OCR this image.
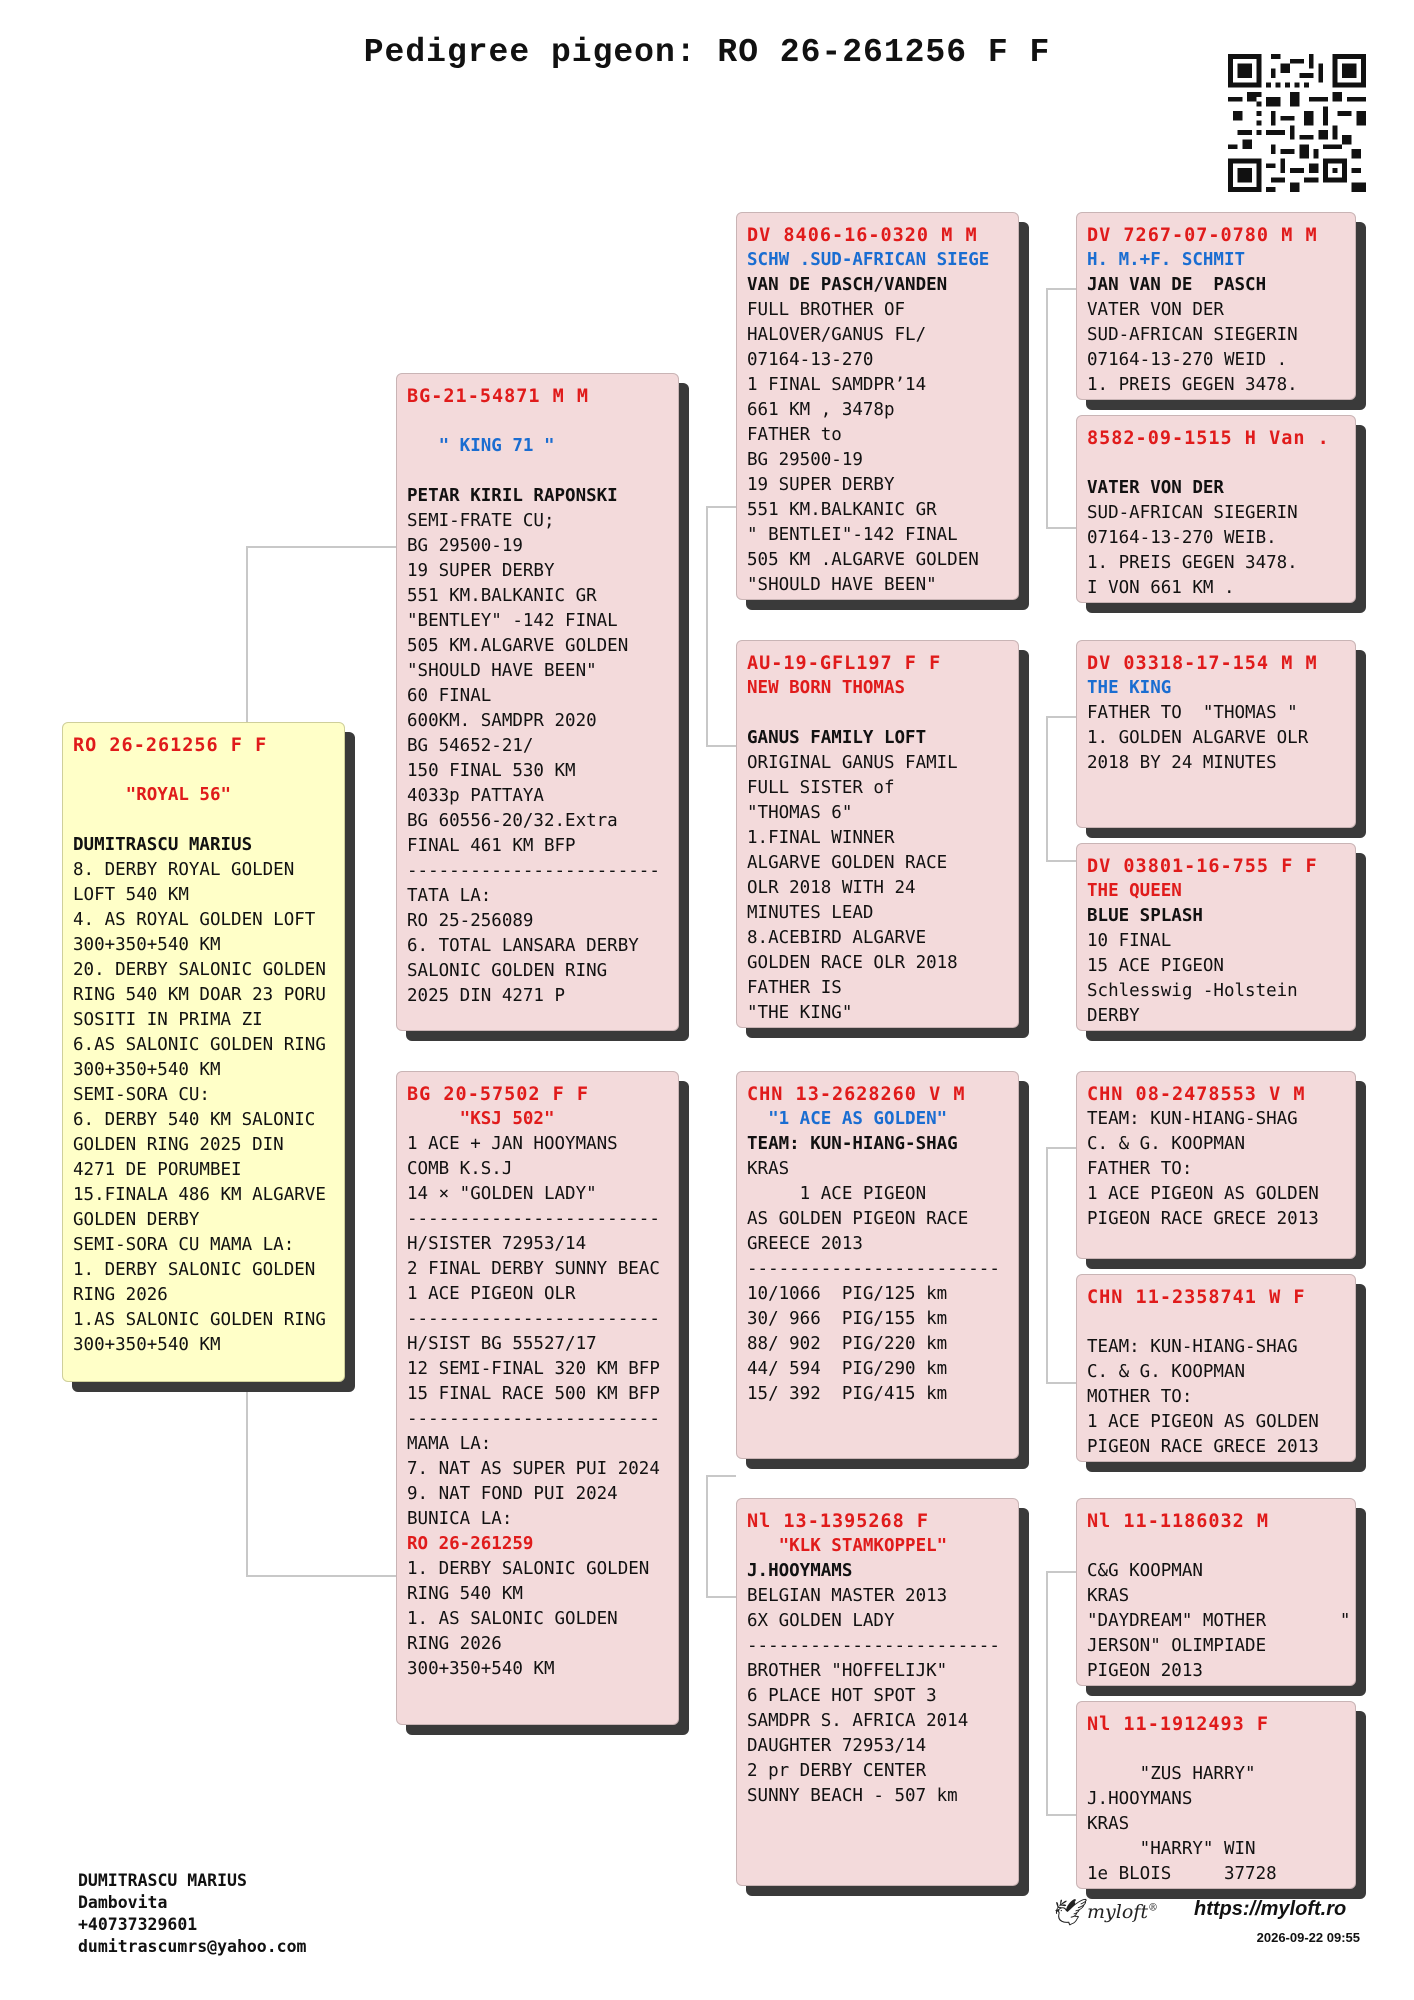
Pedigree pigeon: RO 26-261256 F F
RO 26-261256 F F
"ROYAL 56"
DUMITRASCU MARIUS
8. DERBY ROYAL GOLDEN
LOFT 540 KM
4. AS ROYAL GOLDEN LOFT
300+350+540 KM
20. DERBY SALONIC GOLDEN
RING 540 KM DOAR 23 PORU
SOSITI IN PRIMA ZI
6.AS SALONIC GOLDEN RING
300+350+540 KM
SEMI-SORA CU:
6. DERBY 540 KM SALONIC
GOLDEN RING 2025 DIN
4271 DE PORUMBEI
15.FINALA 486 KM ALGARVE
GOLDEN DERBY
SEMI-SORA CU MAMA LA:
1. DERBY SALONIC GOLDEN
RING 2026
1.AS SALONIC GOLDEN RING
300+350+540 KM
BG-21-54871 M M
" KING 71 "
PETAR KIRIL RAPONSKI
SEMI-FRATE CU;
BG 29500-19
19 SUPER DERBY
551 KM.BALKANIC GR
"BENTLEY" -142 FINAL
505 KM.ALGARVE GOLDEN
"SHOULD HAVE BEEN"
60 FINAL
600KM. SAMDPR 2020
BG 54652-21/
150 FINAL 530 KM
4033p PATTAYA
BG 60556-20/32.Extra
FINAL 461 KM BFP
------------------------
TATA LA:
RO 25-256089
6. TOTAL LANSARA DERBY
SALONIC GOLDEN RING
2025 DIN 4271 P
BG 20-57502 F F
"KSJ 502"
1 ACE + JAN HOOYMANS
COMB K.S.J
14 × "GOLDEN LADY"
------------------------
H/SISTER 72953/14
2 FINAL DERBY SUNNY BEAC
1 ACE PIGEON OLR
------------------------
H/SIST BG 55527/17
12 SEMI-FINAL 320 KM BFP
15 FINAL RACE 500 KM BFP
------------------------
MAMA LA:
7. NAT AS SUPER PUI 2024
9. NAT FOND PUI 2024
BUNICA LA:
RO 26-261259
1. DERBY SALONIC GOLDEN
RING 540 KM
1. AS SALONIC GOLDEN
RING 2026
300+350+540 KM
DV 8406-16-0320 M M
SCHW .SUD-AFRICAN SIEGE
VAN DE PASCH/VANDEN
FULL BROTHER OF
HALOVER/GANUS FL/
07164-13-270
1 FINAL SAMDPR’14
661 KM , 3478p
FATHER to
BG 29500-19
19 SUPER DERBY
551 KM.BALKANIC GR
" BENTLEI"-142 FINAL
505 KM .ALGARVE GOLDEN
"SHOULD HAVE BEEN"
AU-19-GFL197 F F
NEW BORN THOMAS
GANUS FAMILY LOFT
ORIGINAL GANUS FAMIL
FULL SISTER of
"THOMAS 6"
1.FINAL WINNER
ALGARVE GOLDEN RACE
OLR 2018 WITH 24
MINUTES LEAD
8.ACEBIRD ALGARVE
GOLDEN RACE OLR 2018
FATHER IS
"THE KING"
CHN 13-2628260 V M
"1 ACE AS GOLDEN"
TEAM: KUN-HIANG-SHAG
KRAS
1 ACE PIGEON
AS GOLDEN PIGEON RACE
GREECE 2013
------------------------
10/1066  PIG/125 km
30/ 966  PIG/155 km
88/ 902  PIG/220 km
44/ 594  PIG/290 km
15/ 392  PIG/415 km
Nl 13-1395268 F
"KLK STAMKOPPEL"
J.HOOYMAMS
BELGIAN MASTER 2013
6X GOLDEN LADY
------------------------
BROTHER "HOFFELIJK"
6 PLACE HOT SPOT 3
SAMDPR S. AFRICA 2014
DAUGHTER 72953/14
2 pr DERBY CENTER
SUNNY BEACH - 507 km
DV 7267-07-0780 M M
H. M.+F. SCHMIT
JAN VAN DE  PASCH
VATER VON DER
SUD-AFRICAN SIEGERIN
07164-13-270 WEID .
1. PREIS GEGEN 3478.
8582-09-1515 H Van .
VATER VON DER
SUD-AFRICAN SIEGERIN
07164-13-270 WEIB.
1. PREIS GEGEN 3478.
I VON 661 KM .
DV 03318-17-154 M M
THE KING
FATHER TO  "THOMAS "
1. GOLDEN ALGARVE OLR
2018 BY 24 MINUTES
DV 03801-16-755 F F
THE QUEEN
BLUE SPLASH
10 FINAL
15 ACE PIGEON
Schlesswig -Holstein
DERBY
CHN 08-2478553 V M
TEAM: KUN-HIANG-SHAG
C. & G. KOOPMAN
FATHER TO:
1 ACE PIGEON AS GOLDEN
PIGEON RACE GRECE 2013
CHN 11-2358741 W F
TEAM: KUN-HIANG-SHAG
C. & G. KOOPMAN
MOTHER TO:
1 ACE PIGEON AS GOLDEN
PIGEON RACE GRECE 2013
Nl 11-1186032 M
C&G KOOPMAN
KRAS
"DAYDREAM" MOTHER       "
JERSON" OLIMPIADE
PIGEON 2013
Nl 11-1912493 F
"ZUS HARRY"
J.HOOYMANS
KRAS
"HARRY" WIN
1e BLOIS     37728
DUMITRASCU MARIUS
Dambovita
+40737329601
dumitrascumrs@yahoo.com
🕊 myloft® https://myloft.ro
2026-09-22 09:55
